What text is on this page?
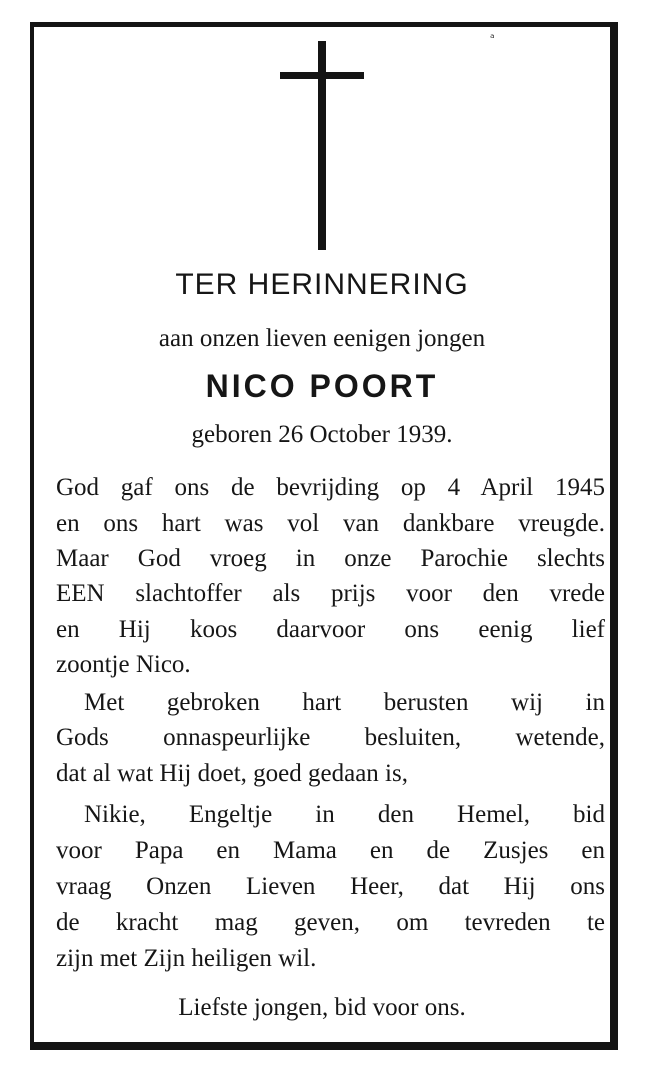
ᵃ

TER HERINNERING

aan onzen lieven eenigen jongen

NICO POORT

geboren 26 October 1939.

God gaf ons de bevrijding op 4 April 1945

en ons hart was vol van dankbare vreugde.

Maar God vroeg in onze Parochie slechts

EEN slachtoffer als prijs voor den vrede

en Hij koos daarvoor ons eenig lief

zoontje Nico.

Met gebroken hart berusten wij in

Gods onnaspeurlijke besluiten, wetende,

dat al wat Hij doet, goed gedaan is,

Nikie, Engeltje in den Hemel, bid

voor Papa en Mama en de Zusjes en

vraag Onzen Lieven Heer, dat Hij ons

de kracht mag geven, om tevreden te

zijn met Zijn heiligen wil.

Liefste jongen, bid voor ons.
